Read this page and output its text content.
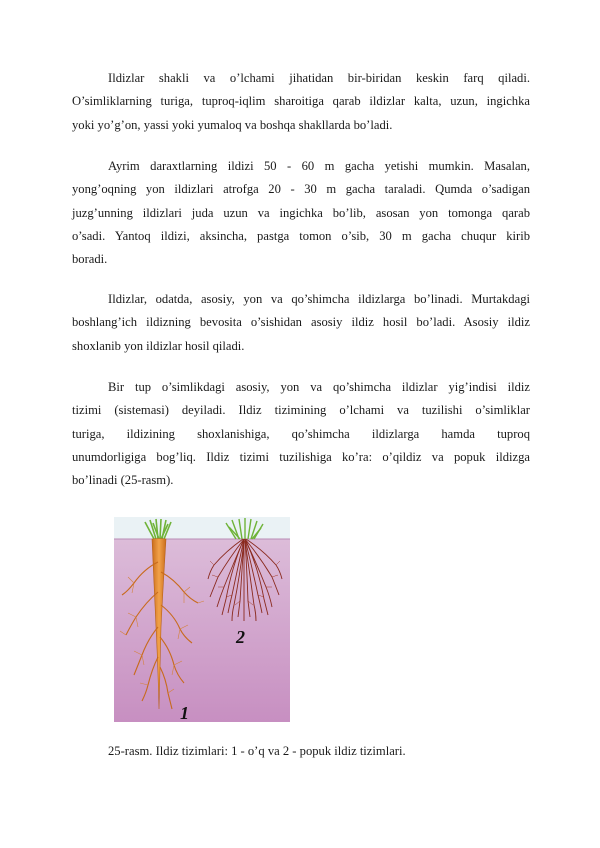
Ildizlar shakli va o’lchami jihatidan bir-biridan keskin farq qiladi.
O’simliklarning turiga, tuproq-iqlim sharoitiga qarab ildizlar kalta, uzun, ingichka
yoki yo’g’on, yassi yoki yumaloq va boshqa shakllarda bo’ladi.

Ayrim daraxtlarning ildizi 50 - 60 m gacha yetishi mumkin. Masalan,
yong’oqning yon ildizlari atrofga 20 - 30 m gacha taraladi. Qumda o’sadigan
juzg’unning ildizlari juda uzun va ingichka bo’lib, asosan yon tomonga qarab
o’sadi. Yantoq ildizi, aksincha, pastga tomon o’sib, 30 m gacha chuqur kirib
boradi.

Ildizlar, odatda, asosiy, yon va qo’shimcha ildizlarga bo’linadi. Murtakdagi
boshlang’ich ildizning bevosita o’sishidan asosiy ildiz hosil bo’ladi. Asosiy ildiz
shoxlanib yon ildizlar hosil qiladi.

Bir tup o’simlikdagi asosiy, yon va qo’shimcha ildizlar yig’indisi ildiz
tizimi (sistemasi) deyiladi. Ildiz tizimining o’lchami va tuzilishi o’simliklar
turiga, ildizining shoxlanishiga, qo’shimcha ildizlarga hamda tuproq
unumdorligiga bog’liq. Ildiz tizimi tuzilishiga ko’ra: o’qildiz va popuk ildizga
bo’linadi (25-rasm).

2
1
25-rasm. Ildiz tizimlari: 1 - o’q va 2 - popuk ildiz tizimlari.
